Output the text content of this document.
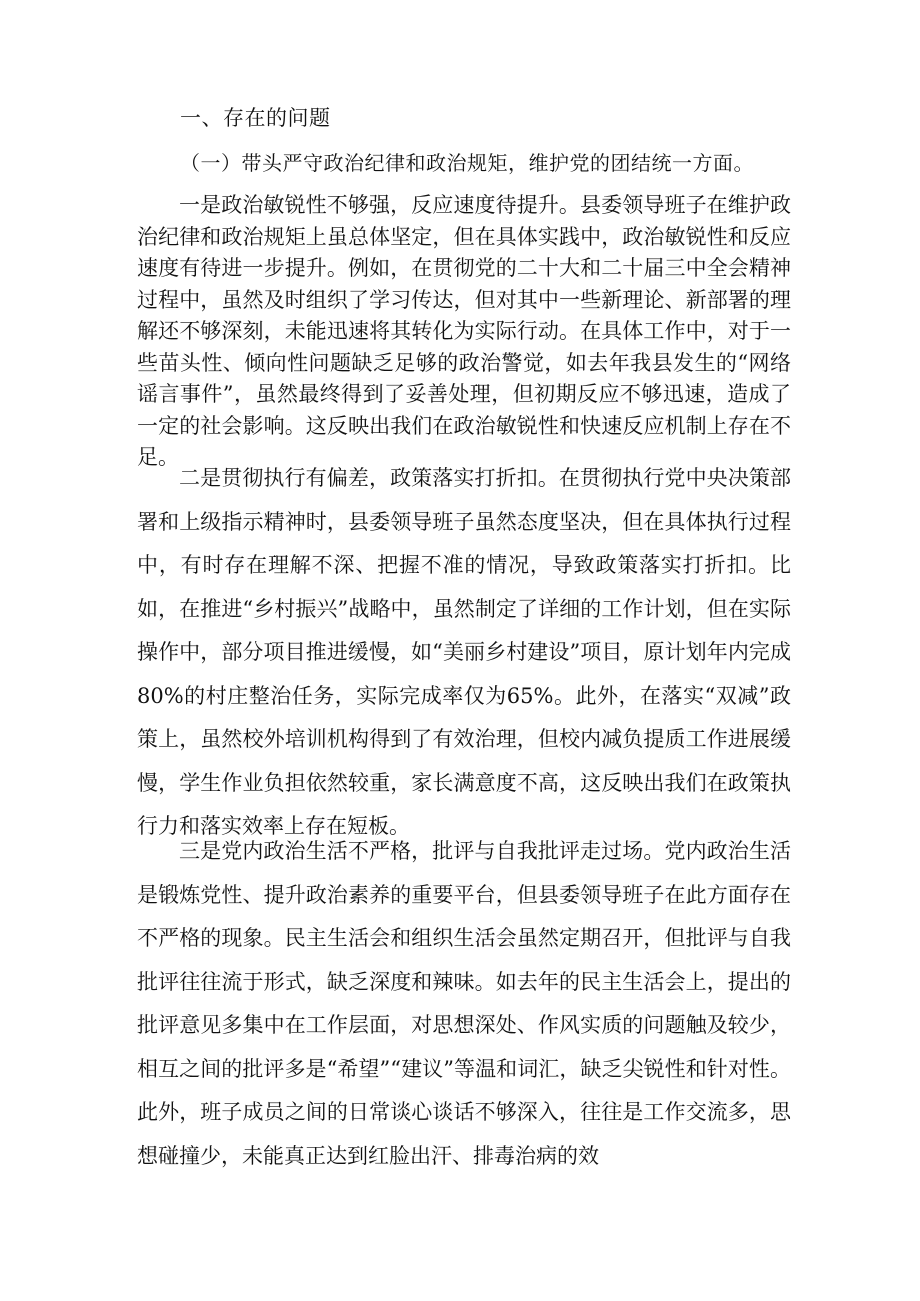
一、存在的问题
（一）带头严守政治纪律和政治规矩，维护党的团结统一方面。

一是政治敏锐性不够强，反应速度待提升。县委领导班子在维护政治纪律和政治规矩上虽总体坚定，但在具体实践中，政治敏锐性和反应速度有待进一步提升。例如，在贯彻党的二十大和二十届三中全会精神过程中，虽然及时组织了学习传达，但对其中一些新理论、新部署的理解还不够深刻，未能迅速将其转化为实际行动。在具体工作中，对于一些苗头性、倾向性问题缺乏足够的政治警觉，如去年我县发生的“网络谣言事件”，虽然最终得到了妥善处理，但初期反应不够迅速，造成了一定的社会影响。这反映出我们在政治敏锐性和快速反应机制上存在不足。

二是贯彻执行有偏差，政策落实打折扣。在贯彻执行党中央决策部署和上级指示精神时，县委领导班子虽然态度坚决，但在具体执行过程中，有时存在理解不深、把握不准的情况，导致政策落实打折扣。比如，在推进“乡村振兴”战略中，虽然制定了详细的工作计划，但在实际操作中，部分项目推进缓慢，如“美丽乡村建设”项目，原计划年内完成80%的村庄整治任务，实际完成率仅为65%。此外，在落实“双减”政策上，虽然校外培训机构得到了有效治理，但校内减负提质工作进展缓慢，学生作业负担依然较重，家长满意度不高，这反映出我们在政策执行力和落实效率上存在短板。

三是党内政治生活不严格，批评与自我批评走过场。党内政治生活是锻炼党性、提升政治素养的重要平台，但县委领导班子在此方面存在不严格的现象。民主生活会和组织生活会虽然定期召开，但批评与自我批评往往流于形式，缺乏深度和辣味。如去年的民主生活会上，提出的批评意见多集中在工作层面，对思想深处、作风实质的问题触及较少，相互之间的批评多是“希望”“建议”等温和词汇，缺乏尖锐性和针对性。此外，班子成员之间的日常谈心谈话不够深入，往往是工作交流多，思想碰撞少，未能真正达到红脸出汗、排毒治病的效
